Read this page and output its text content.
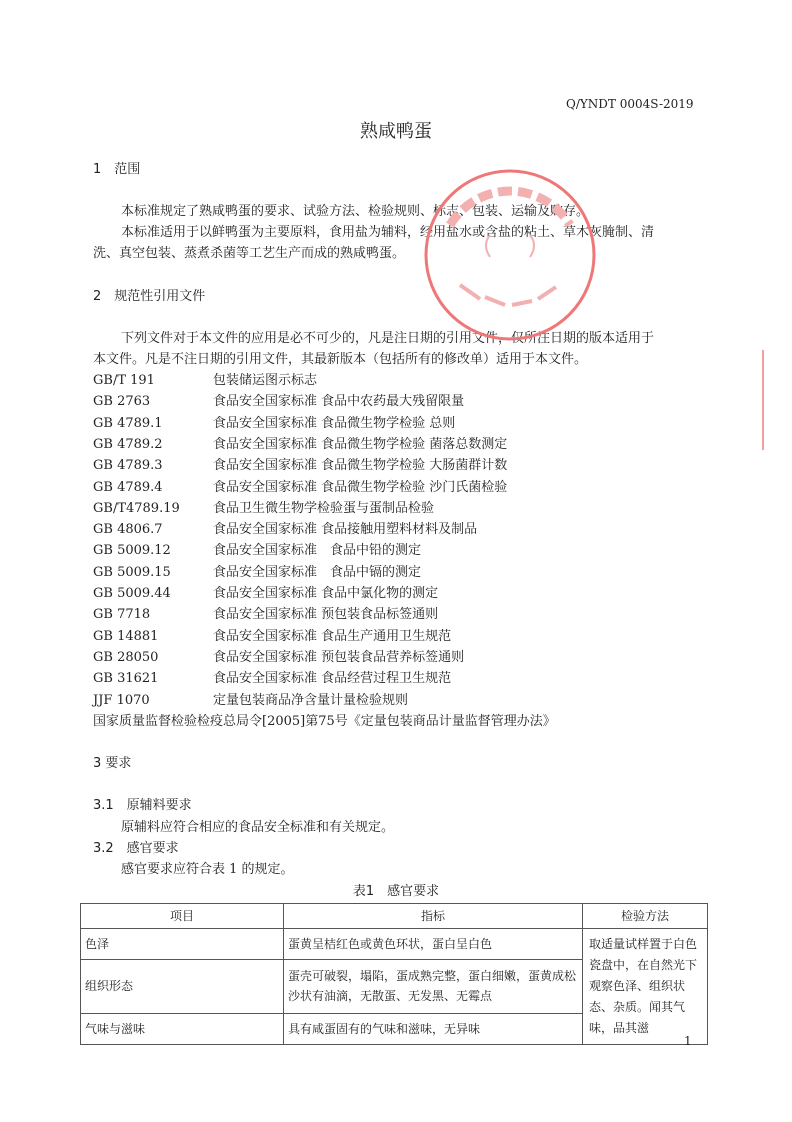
Q/YNDT 0004S-2019
熟咸鸭蛋
1　范围
本标准规定了熟咸鸭蛋的要求、试验方法、检验规则、标志、包装、运输及贮存。
本标准适用于以鲜鸭蛋为主要原料，食用盐为辅料，经用盐水或含盐的粘土、草木灰腌制、清
洗、真空包装、蒸煮杀菌等工艺生产而成的熟咸鸭蛋。
2　规范性引用文件
下列文件对于本文件的应用是必不可少的，凡是注日期的引用文件，仅所注日期的版本适用于
本文件。凡是不注日期的引用文件，其最新版本（包括所有的修改单）适用于本文件。
GB/T 191	包装储运图示标志
GB 2763	食品安全国家标准 食品中农药最大残留限量
GB 4789.1	食品安全国家标准 食品微生物学检验 总则
GB 4789.2	食品安全国家标准 食品微生物学检验 菌落总数测定
GB 4789.3	食品安全国家标准 食品微生物学检验 大肠菌群计数
GB 4789.4	食品安全国家标准 食品微生物学检验 沙门氏菌检验
GB/T4789.19	食品卫生微生物学检验蛋与蛋制品检验
GB 4806.7	食品安全国家标准 食品接触用塑料材料及制品
GB 5009.12	食品安全国家标准　食品中铅的测定
GB 5009.15	食品安全国家标准　食品中镉的测定
GB 5009.44	食品安全国家标准 食品中氯化物的测定
GB 7718	食品安全国家标准 预包装食品标签通则
GB 14881	食品安全国家标准 食品生产通用卫生规范
GB 28050	食品安全国家标准 预包装食品营养标签通则
GB 31621	食品安全国家标准 食品经营过程卫生规范
JJF 1070	定量包装商品净含量计量检验规则
国家质量监督检验检疫总局令[2005]第75号《定量包装商品计量监督管理办法》
3 要求
3.1　原辅料要求
原辅料应符合相应的食品安全标准和有关规定。
3.2　感官要求
感官要求应符合表 1 的规定。
表1　感官要求
项目	指标	检验方法
色泽	蛋黄呈桔红色或黄色环状，蛋白呈白色	取适量试样置于白色瓷盘中，在自然光下观察色泽、组织状态、杂质。闻其气味，品其滋
组织形态	蛋壳可破裂，塌陷，蛋成熟完整，蛋白细嫩，蛋黄成松沙状有油滴，无散蛋、无发黑、无霉点	
气味与滋味	具有咸蛋固有的气味和滋味，无异味	
1
